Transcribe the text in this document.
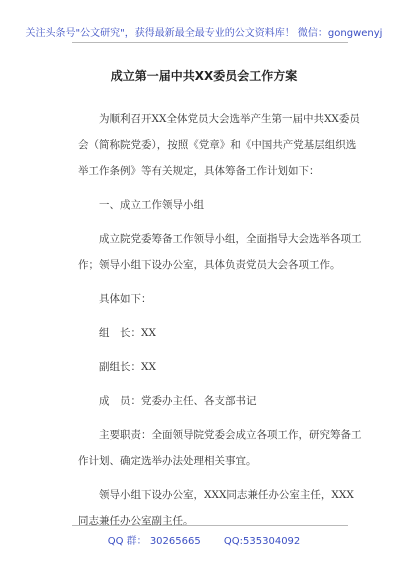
关注头条号"公文研究"，获得最新最全最专业的公文资料库！ 微信：gongwenyj
成立第一届中共XX委员会工作方案

为顺利召开XX全体党员大会选举产生第一届中共XX委员会（简称院党委），按照《党章》和《中国共产党基层组织选举工作条例》等有关规定，具体筹备工作计划如下：

一、成立工作领导小组

成立院党委筹备工作领导小组，全面指导大会选举各项工作；领导小组下设办公室，具体负责党员大会各项工作。

具体如下：

组　长：XX

副组长：XX

成　员：党委办主任、各支部书记

主要职责：全面领导院党委会成立各项工作，研究筹备工作计划、确定选举办法处理相关事宜。

领导小组下设办公室，XXX同志兼任办公室主任，XXX同志兼任办公室副主任。

QQ 群： 30265665 QQ:535304092
